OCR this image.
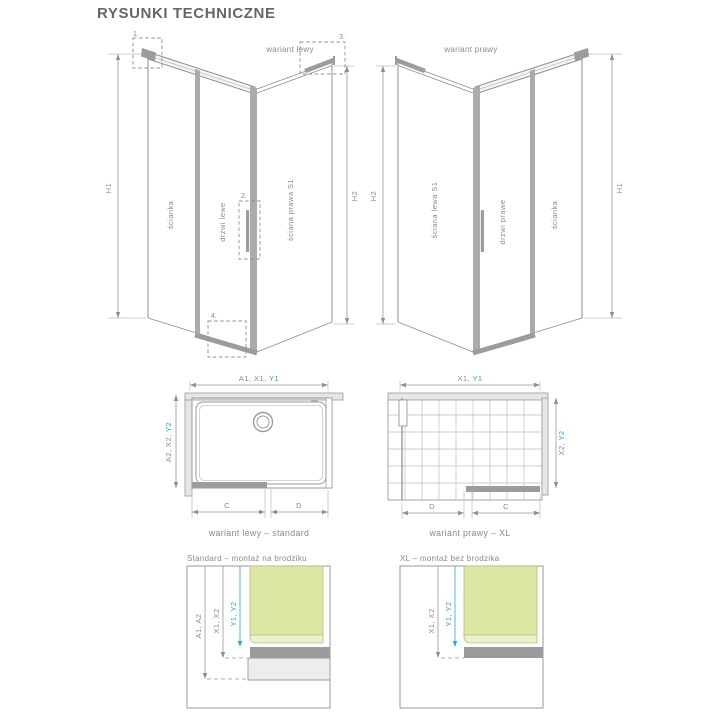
RYSUNKI TECHNICZNE
1.
2.
3.
4.
wariant lewy
ścianka	drzwi lewe	ściana prawa S1
H1
H2
wariant prawy
ściana lewa S1	drzwi prawe	ścianka
H2
H1
A1, X1, Y1
C	D
A2, X2, Y2
wariant lewy – standard
X1, Y1
D	C
X2, Y2
wariant prawy – XL
Standard – montaż na brodziku
A1, A2 X1, X2 Y1, Y2
XL – montaż bez brodzika
X1, X2 Y1, Y2
